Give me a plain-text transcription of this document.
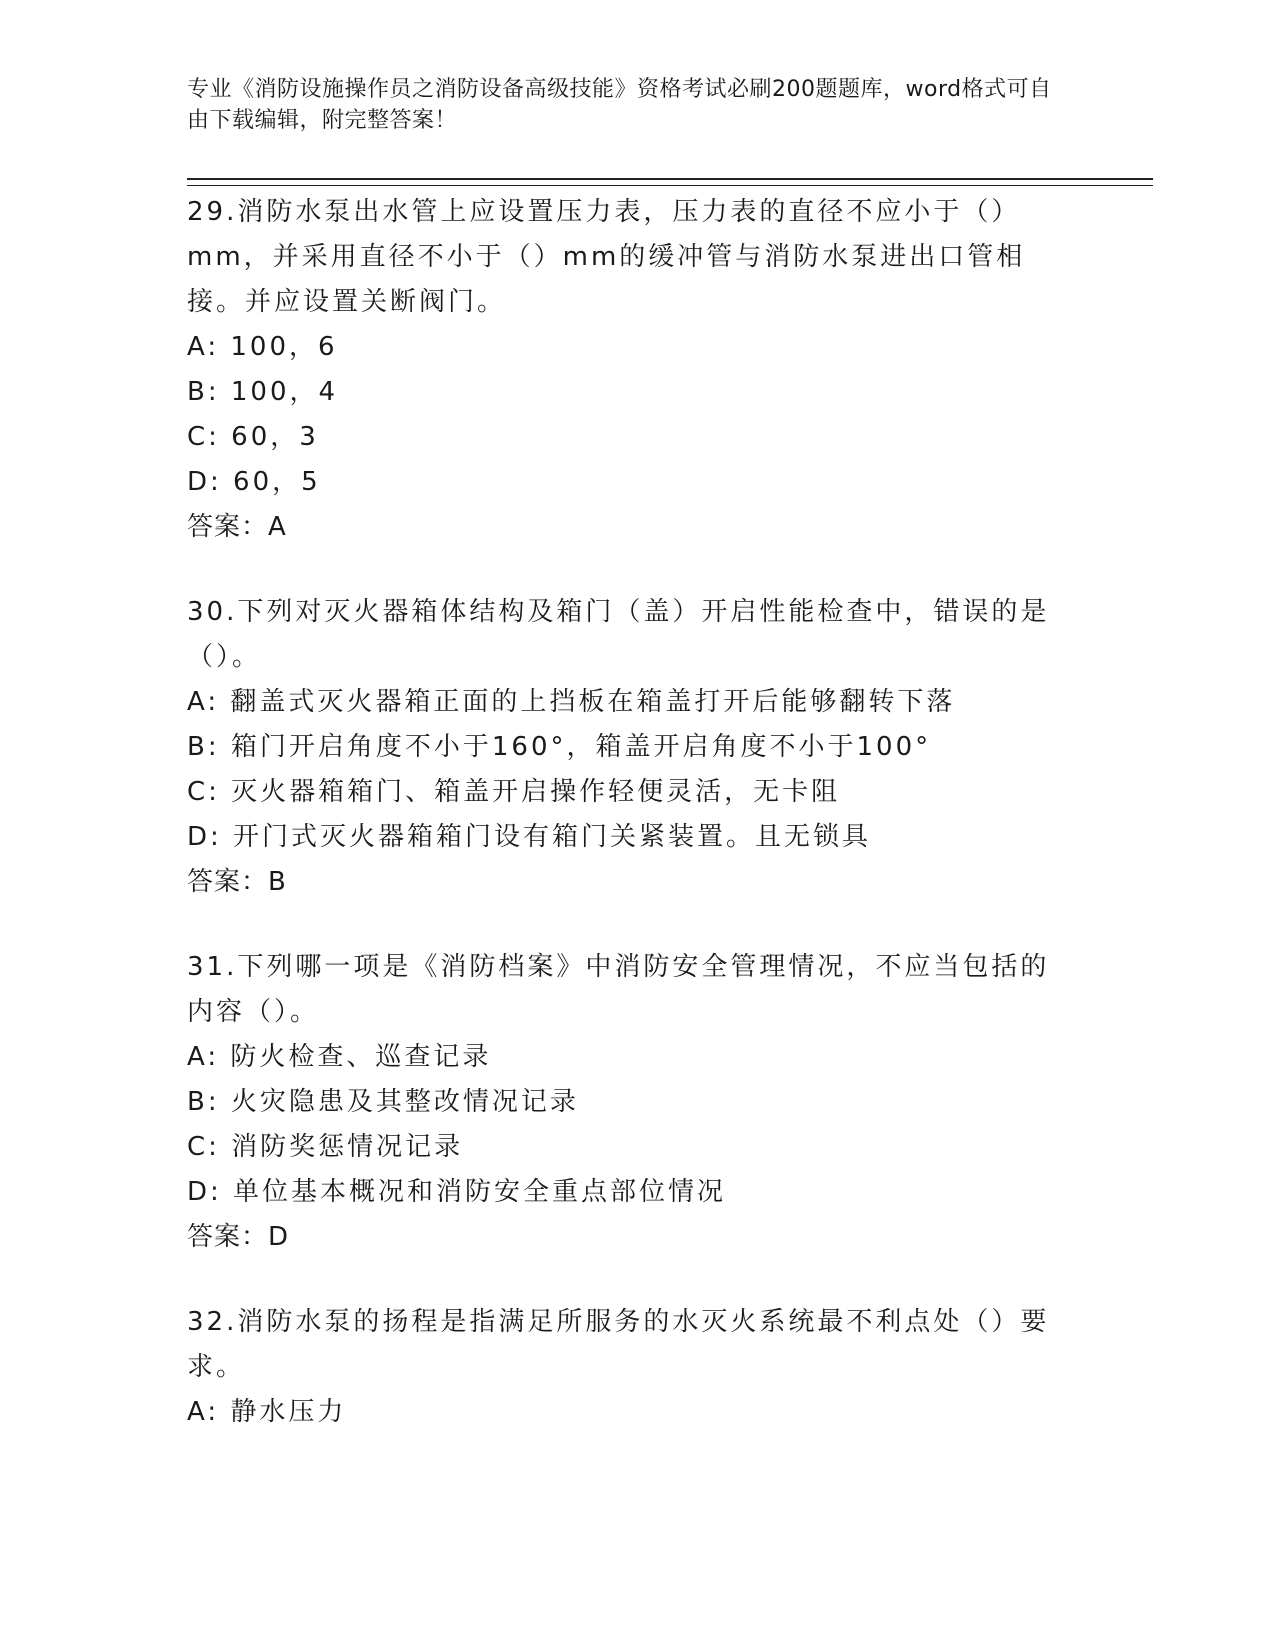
专业《消防设施操作员之消防设备高级技能》资格考试必刷200题题库，word格式可自由下载编辑，附完整答案！
29.消防水泵出水管上应设置压力表，压力表的直径不应小于（）mm，并采用直径不小于（）mm的缓冲管与消防水泵进出口管相接。并应设置关断阀门。
A: 100，6
B: 100，4
C: 60，3
D: 60，5
答案：A
30.下列对灭火器箱体结构及箱门（盖）开启性能检查中，错误的是（）。
A: 翻盖式灭火器箱正面的上挡板在箱盖打开后能够翻转下落
B: 箱门开启角度不小于160°，箱盖开启角度不小于100°
C: 灭火器箱箱门、箱盖开启操作轻便灵活，无卡阻
D: 开门式灭火器箱箱门设有箱门关紧装置。且无锁具
答案：B
31.下列哪一项是《消防档案》中消防安全管理情况，不应当包括的内容（）。
A: 防火检查、巡查记录
B: 火灾隐患及其整改情况记录
C: 消防奖惩情况记录
D: 单位基本概况和消防安全重点部位情况
答案：D
32.消防水泵的扬程是指满足所服务的水灭火系统最不利点处（）要求。
A: 静水压力
